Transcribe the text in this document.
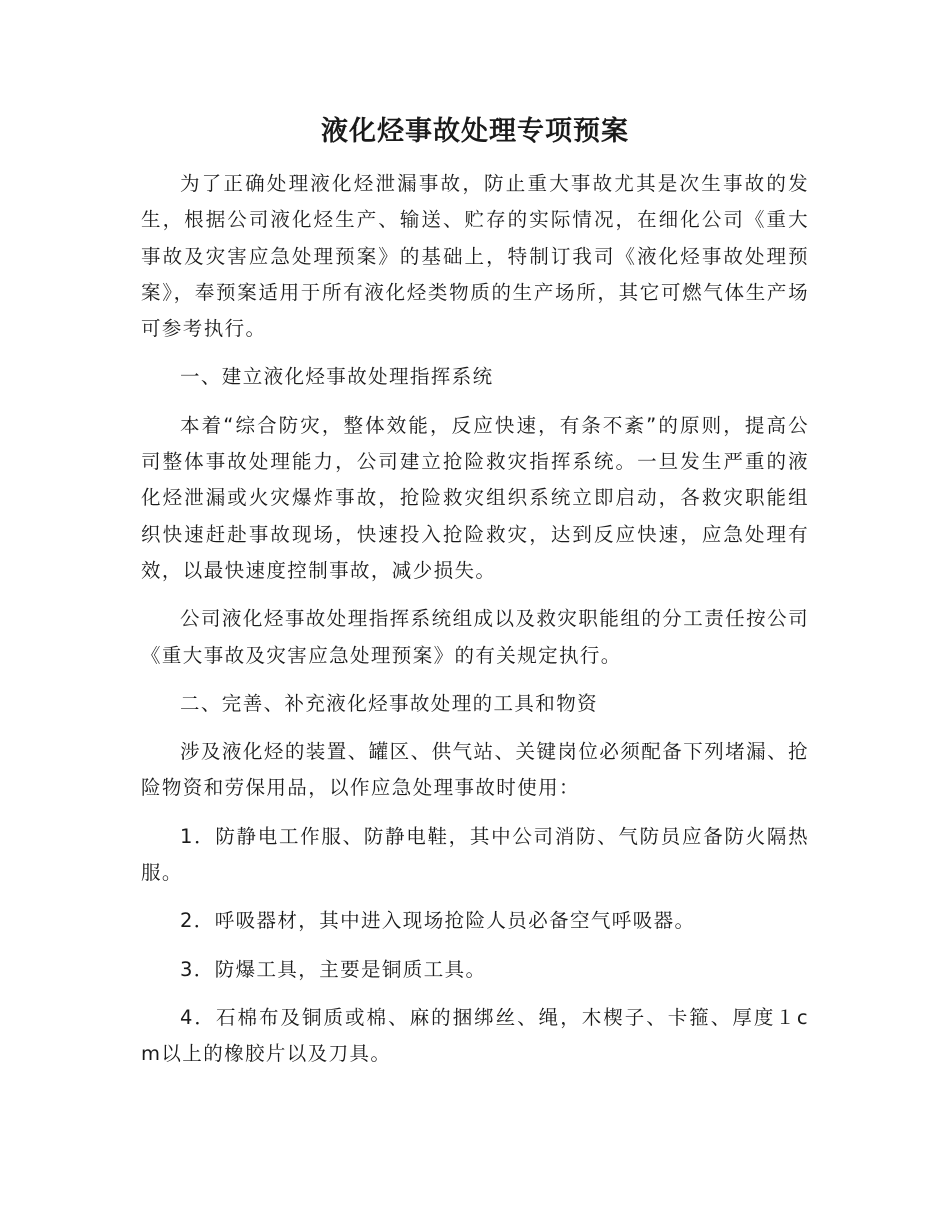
液化烃事故处理专项预案

为了正确处理液化烃泄漏事故，防止重大事故尤其是次生事故的发生，根据公司液化烃生产、输送、贮存的实际情况，在细化公司《重大事故及灾害应急处理预案》的基础上，特制订我司《液化烃事故处理预案》，奉预案适用于所有液化烃类物质的生产场所，其它可燃气体生产场可参考执行。

一、建立液化烃事故处理指挥系统

本着“综合防灾，整体效能，反应快速，有条不紊”的原则，提高公司整体事故处理能力，公司建立抢险救灾指挥系统。一旦发生严重的液化烃泄漏或火灾爆炸事故，抢险救灾组织系统立即启动，各救灾职能组织快速赶赴事故现场，快速投入抢险救灾，达到反应快速，应急处理有效，以最快速度控制事故，减少损失。

公司液化烃事故处理指挥系统组成以及救灾职能组的分工责任按公司《重大事故及灾害应急处理预案》的有关规定执行。

二、完善、补充液化烃事故处理的工具和物资

涉及液化烃的装置、罐区、供气站、关键岗位必须配备下列堵漏、抢险物资和劳保用品，以作应急处理事故时使用：

1．防静电工作服、防静电鞋，其中公司消防、气防员应备防火隔热服。

2．呼吸器材，其中进入现场抢险人员必备空气呼吸器。

3．防爆工具，主要是铜质工具。

4．石棉布及铜质或棉、麻的捆绑丝、绳，木楔子、卡箍、厚度１cm以上的橡胶片以及刀具。
